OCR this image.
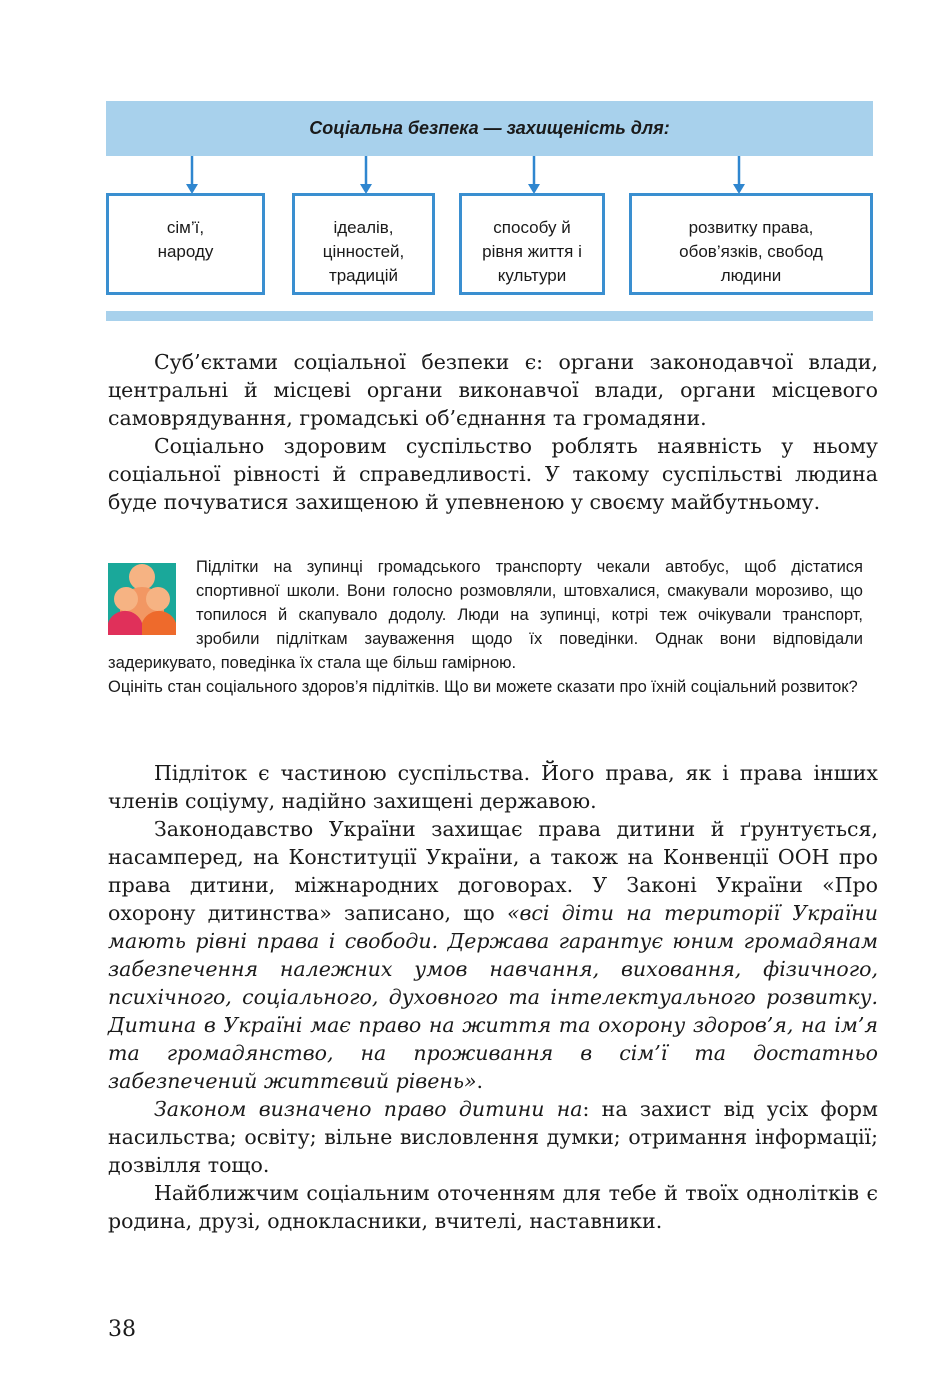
Соціальна безпека — захищеність для:
сім’ї,
народу
ідеалів,
цінностей,
традицій
способу й
рівня життя і
культури
розвитку права,
обов’язків, свобод
людини

Суб’єктами соціальної безпеки є: органи законодавчої влади, центральні й місцеві органи виконавчої влади, органи місцевого самоврядування, громадські об’єднання та громадяни.

Соціально здоровим суспільство роблять наявність у ньому соціальної рівності й справедливості. У такому суспільстві людина буде почуватися захищеною й упевненою у своєму майбутньому.

Підлітки на зупинці громадського транспорту чекали автобус, щоб дістатися спортивної школи. Вони голосно розмовляли, штовхалися, смакували морозиво, що топилося й скапувало додолу. Люди на зупинці, котрі теж очікували транспорт, зробили підліткам зауваження щодо їх поведінки. Однак вони відповідали задерикувато, поведінка їх стала ще більш гамірною.
Оцініть стан соціального здоров’я підлітків. Що ви можете сказати про їхній соціальний розвиток?

Підліток є частиною суспільства. Його права, як і права інших членів соціуму, надійно захищені державою.

Законодавство України захищає права дитини й ґрунтується, насамперед, на Конституції України, а також на Конвенції ООН про права дитини, міжнародних договорах. У Законі України «Про охорону дитинства» записано, що «всі діти на території України мають рівні права і свободи. Держава гарантує юним громадянам забезпечення належних умов навчання, виховання, фізичного, психічного, соціального, духовного та інтелектуального розвитку. Дитина в Україні має право на життя та охорону здоров’я, на ім’я та громадянство, на проживання в сім’ї та достатньо забезпечений життєвий рівень».

Законом визначено право дитини на: на захист від усіх форм насильства; освіту; вільне висловлення думки; отримання інформації; дозвілля тощо.

Найближчим соціальним оточенням для тебе й твоїх однолітків є родина, друзі, однокласники, вчителі, наставники.

38
